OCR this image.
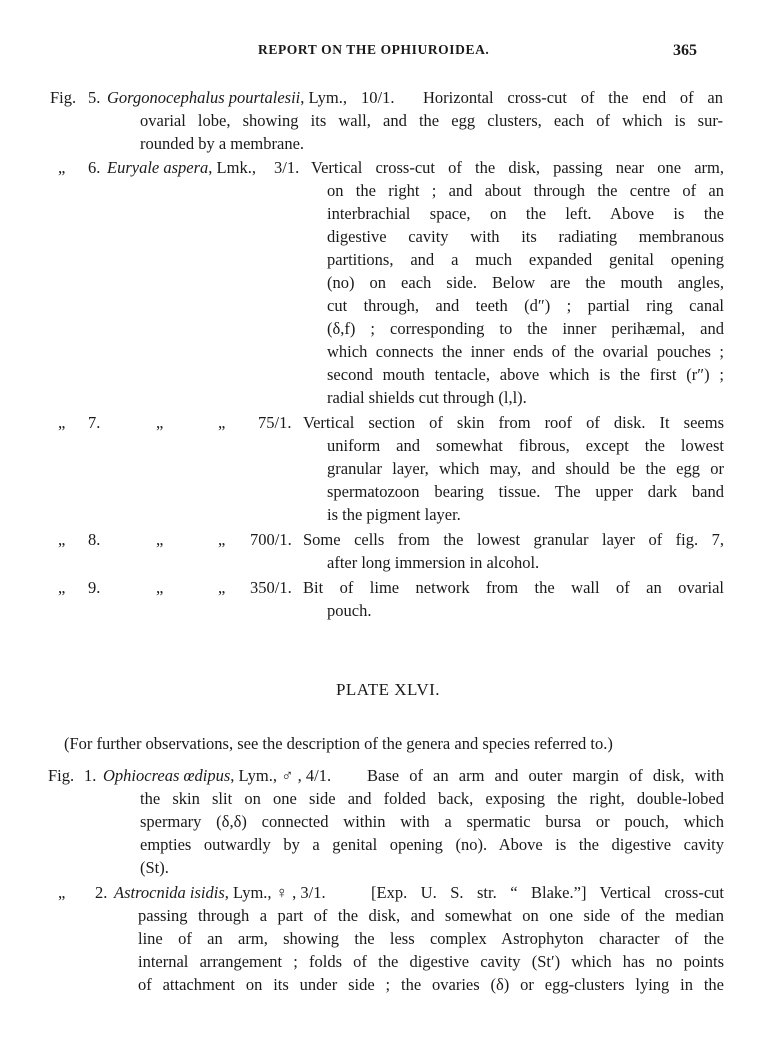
REPORT ON THE OPHIUROIDEA.	365
Fig. 5. Gorgonocephalus pourtalesii, Lym., 10/1. Horizontal cross-cut of the end of an
ovarial lobe, showing its wall, and the egg clusters, each of which is sur-
rounded by a membrane.
„ 6. Euryale aspera, Lmk., 3/1. Vertical cross-cut of the disk, passing near one arm,
on the right ; and about through the centre of an
interbrachial space, on the left. Above is the
digestive cavity with its radiating membranous
partitions, and a much expanded genital opening
(no) on each side. Below are the mouth angles,
cut through, and teeth (d″) ; partial ring canal
(δ,f) ; corresponding to the inner perihæmal, and
which connects the inner ends of the ovarial pouches ;
second mouth tentacle, above which is the first (r″) ;
radial shields cut through (l,l).
„ 7.	„	„ 75/1. Vertical section of skin from roof of disk. It seems
uniform and somewhat fibrous, except the lowest
granular layer, which may, and should be the egg or
spermatozoon bearing tissue. The upper dark band
is the pigment layer.
„ 8.	„	„ 700/1. Some cells from the lowest granular layer of fig. 7,
after long immersion in alcohol.
„ 9.	„	„ 350/1. Bit of lime network from the wall of an ovarial
pouch.
PLATE XLVI.
(For further observations, see the description of the genera and species referred to.)
Fig. 1. Ophiocreas œdipus, Lym., ♂ , 4/1. Base of an arm and outer margin of disk, with
the skin slit on one side and folded back, exposing the right, double-lobed
spermary (δ,δ) connected within with a spermatic bursa or pouch, which
empties outwardly by a genital opening (no). Above is the digestive cavity
(St).
„ 2. Astrocnida isidis, Lym., ♀ , 3/1.	[Exp. U. S. str. “ Blake.”] Vertical cross-cut
passing through a part of the disk, and somewhat on one side of the median
line of an arm, showing the less complex Astrophyton character of the
internal arrangement ; folds of the digestive cavity (St′) which has no points
of attachment on its under side ; the ovaries (δ) or egg-clusters lying in the
